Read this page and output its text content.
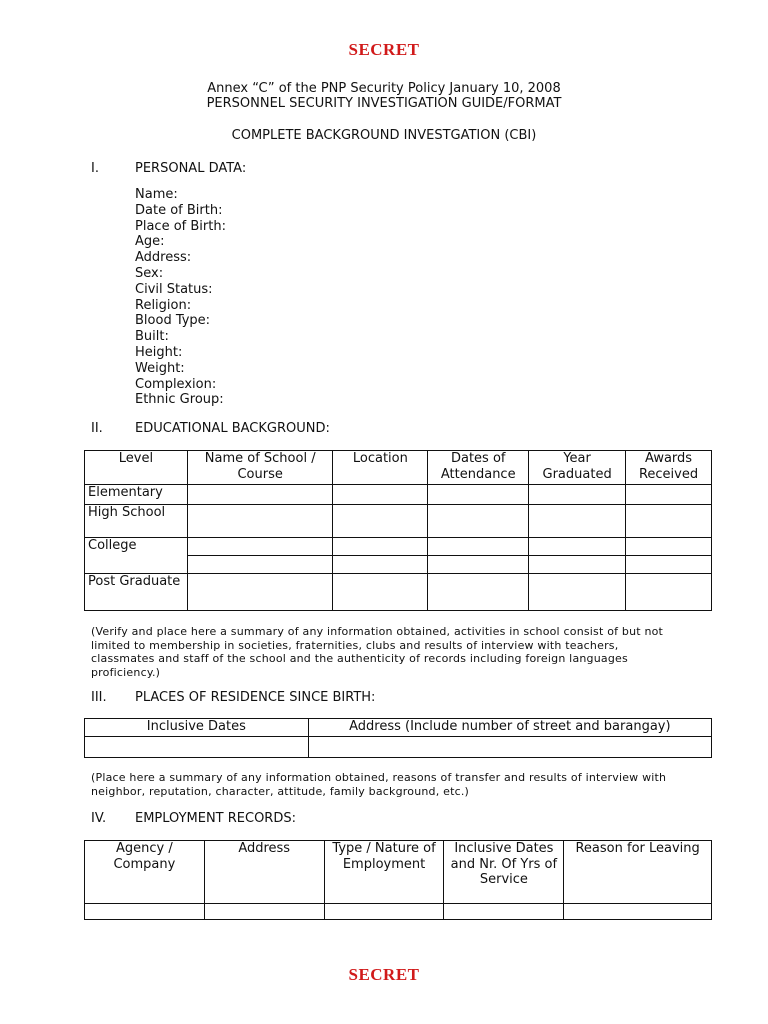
SECRET
Annex “C” of the PNP Security Policy January 10, 2008
PERSONNEL SECURITY INVESTIGATION GUIDE/FORMAT
COMPLETE BACKGROUND INVESTGATION (CBI)
I.	PERSONAL DATA:
Name:
Date of Birth:
Place of Birth:
Age:
Address:
Sex:
Civil Status:
Religion:
Blood Type:
Built:
Height:
Weight:
Complexion:
Ethnic Group:
II. EDUCATIONAL BACKGROUND:
Level	Name of School / Course	Location	Dates of Attendance	Year Graduated	Awards Received
Elementary					
High School					
College					

Post Graduate					
(Verify and place here a summary of any information obtained, activities in school consist of but not limited to membership in societies, fraternities, clubs and results of interview with teachers, classmates and staff of the school and the authenticity of records including foreign languages proficiency.)
III. PLACES OF RESIDENCE SINCE BIRTH:
Inclusive Dates	Address (Include number of street and barangay)

(Place here a summary of any information obtained, reasons of transfer and results of interview with neighbor, reputation, character, attitude, family background, etc.)
IV. EMPLOYMENT RECORDS:
Agency / Company	Address	Type / Nature of Employment	Inclusive Dates and Nr. Of Yrs of Service	Reason for Leaving

SECRET
